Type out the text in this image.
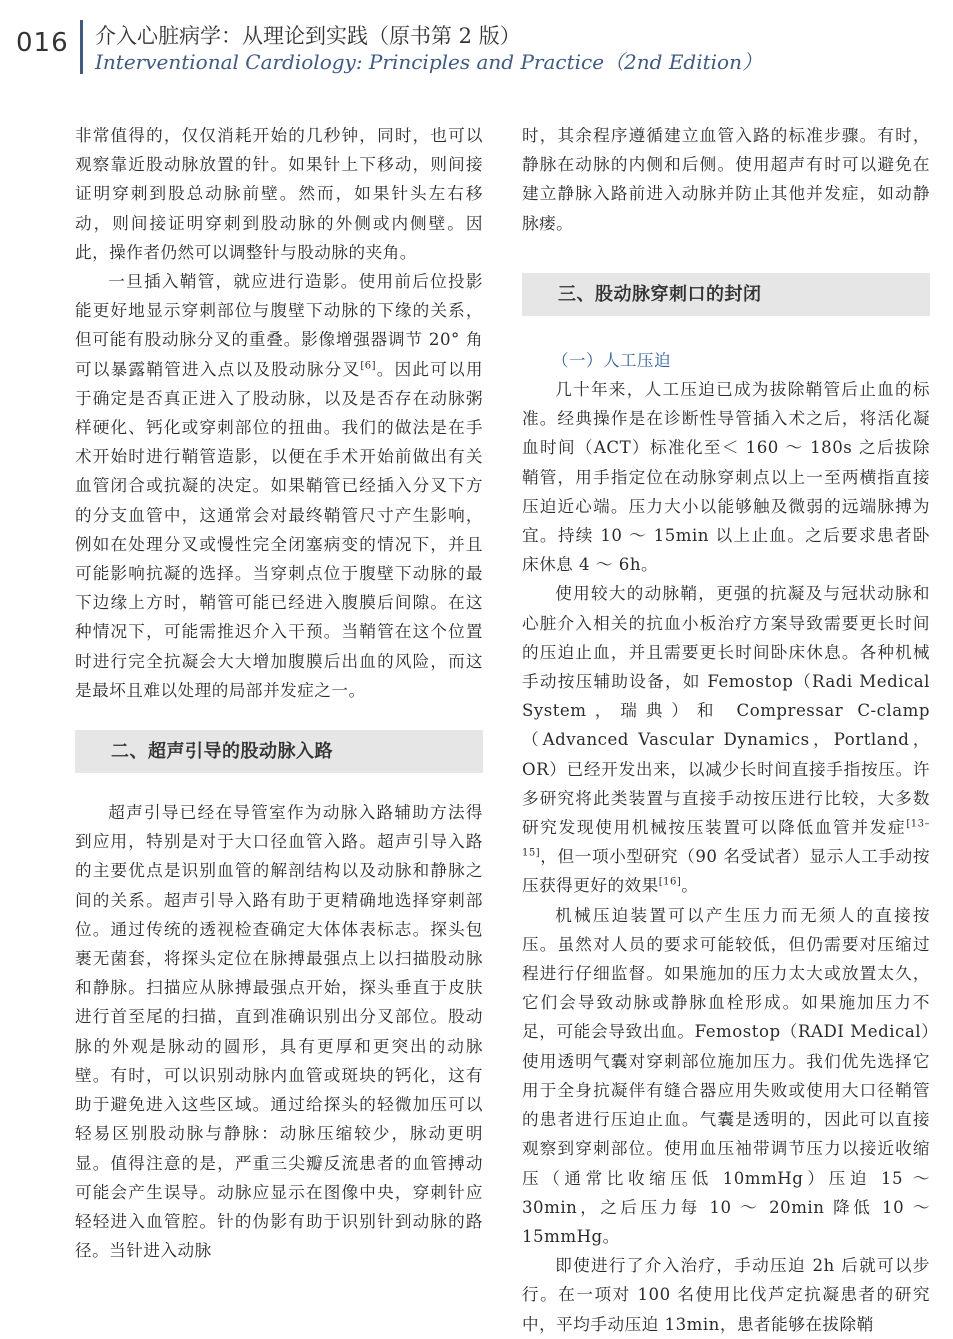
016 介入心脏病学：从理论到实践（原书第 2 版）
Interventional Cardiology: Principles and Practice（2nd Edition）

非常值得的，仅仅消耗开始的几秒钟，同时，也可以观察靠近股动脉放置的针。如果针上下移动，则间接证明穿刺到股总动脉前壁。然而，如果针头左右移动，则间接证明穿刺到股动脉的外侧或内侧壁。因此，操作者仍然可以调整针与股动脉的夹角。

一旦插入鞘管，就应进行造影。使用前后位投影能更好地显示穿刺部位与腹壁下动脉的下缘的关系，但可能有股动脉分叉的重叠。影像增强器调节 20° 角可以暴露鞘管进入点以及股动脉分叉[6]。因此可以用于确定是否真正进入了股动脉，以及是否存在动脉粥样硬化、钙化或穿刺部位的扭曲。我们的做法是在手术开始时进行鞘管造影，以便在手术开始前做出有关血管闭合或抗凝的决定。如果鞘管已经插入分叉下方的分支血管中，这通常会对最终鞘管尺寸产生影响，例如在处理分叉或慢性完全闭塞病变的情况下，并且可能影响抗凝的选择。当穿刺点位于腹壁下动脉的最下边缘上方时，鞘管可能已经进入腹膜后间隙。在这种情况下，可能需推迟介入干预。当鞘管在这个位置时进行完全抗凝会大大增加腹膜后出血的风险，而这是最坏且难以处理的局部并发症之一。

二、超声引导的股动脉入路

超声引导已经在导管室作为动脉入路辅助方法得到应用，特别是对于大口径血管入路。超声引导入路的主要优点是识别血管的解剖结构以及动脉和静脉之间的关系。超声引导入路有助于更精确地选择穿刺部位。通过传统的透视检查确定大体体表标志。探头包裹无菌套，将探头定位在脉搏最强点上以扫描股动脉和静脉。扫描应从脉搏最强点开始，探头垂直于皮肤进行首至尾的扫描，直到准确识别出分叉部位。股动脉的外观是脉动的圆形，具有更厚和更突出的动脉壁。有时，可以识别动脉内血管或斑块的钙化，这有助于避免进入这些区域。通过给探头的轻微加压可以轻易区别股动脉与静脉：动脉压缩较少，脉动更明显。值得注意的是，严重三尖瓣反流患者的血管搏动可能会产生误导。动脉应显示在图像中央，穿刺针应轻轻进入血管腔。针的伪影有助于识别针到动脉的路径。当针进入动脉

时，其余程序遵循建立血管入路的标准步骤。有时，静脉在动脉的内侧和后侧。使用超声有时可以避免在建立静脉入路前进入动脉并防止其他并发症，如动静脉瘘。

三、股动脉穿刺口的封闭
（一）人工压迫

几十年来，人工压迫已成为拔除鞘管后止血的标准。经典操作是在诊断性导管插入术之后，将活化凝血时间（ACT）标准化至＜ 160 ～ 180s 之后拔除鞘管，用手指定位在动脉穿刺点以上一至两横指直接压迫近心端。压力大小以能够触及微弱的远端脉搏为宜。持续 10 ～ 15min 以上止血。之后要求患者卧床休息 4 ～ 6h。

使用较大的动脉鞘，更强的抗凝及与冠状动脉和心脏介入相关的抗血小板治疗方案导致需要更长时间的压迫止血，并且需要更长时间卧床休息。各种机械手动按压辅助设备，如 Femostop（Radi Medical System，瑞典）和 Compressar C-clamp（Advanced Vascular Dynamics，Portland，OR）已经开发出来，以减少长时间直接手指按压。许多研究将此类装置与直接手动按压进行比较，大多数研究发现使用机械按压装置可以降低血管并发症[13–15]，但一项小型研究（90 名受试者）显示人工手动按压获得更好的效果[16]。

机械压迫装置可以产生压力而无须人的直接按压。虽然对人员的要求可能较低，但仍需要对压缩过程进行仔细监督。如果施加的压力太大或放置太久，它们会导致动脉或静脉血栓形成。如果施加压力不足，可能会导致出血。Femostop（RADI Medical）使用透明气囊对穿刺部位施加压力。我们优先选择它用于全身抗凝伴有缝合器应用失败或使用大口径鞘管的患者进行压迫止血。气囊是透明的，因此可以直接观察到穿刺部位。使用血压袖带调节压力以接近收缩压（通常比收缩压低 10mmHg）压迫 15 ～ 30min，之后压力每 10 ～ 20min 降低 10 ～ 15mmHg。

即使进行了介入治疗，手动压迫 2h 后就可以步行。在一项对 100 名使用比伐芦定抗凝患者的研究中，平均手动压迫 13min，患者能够在拔除鞘
